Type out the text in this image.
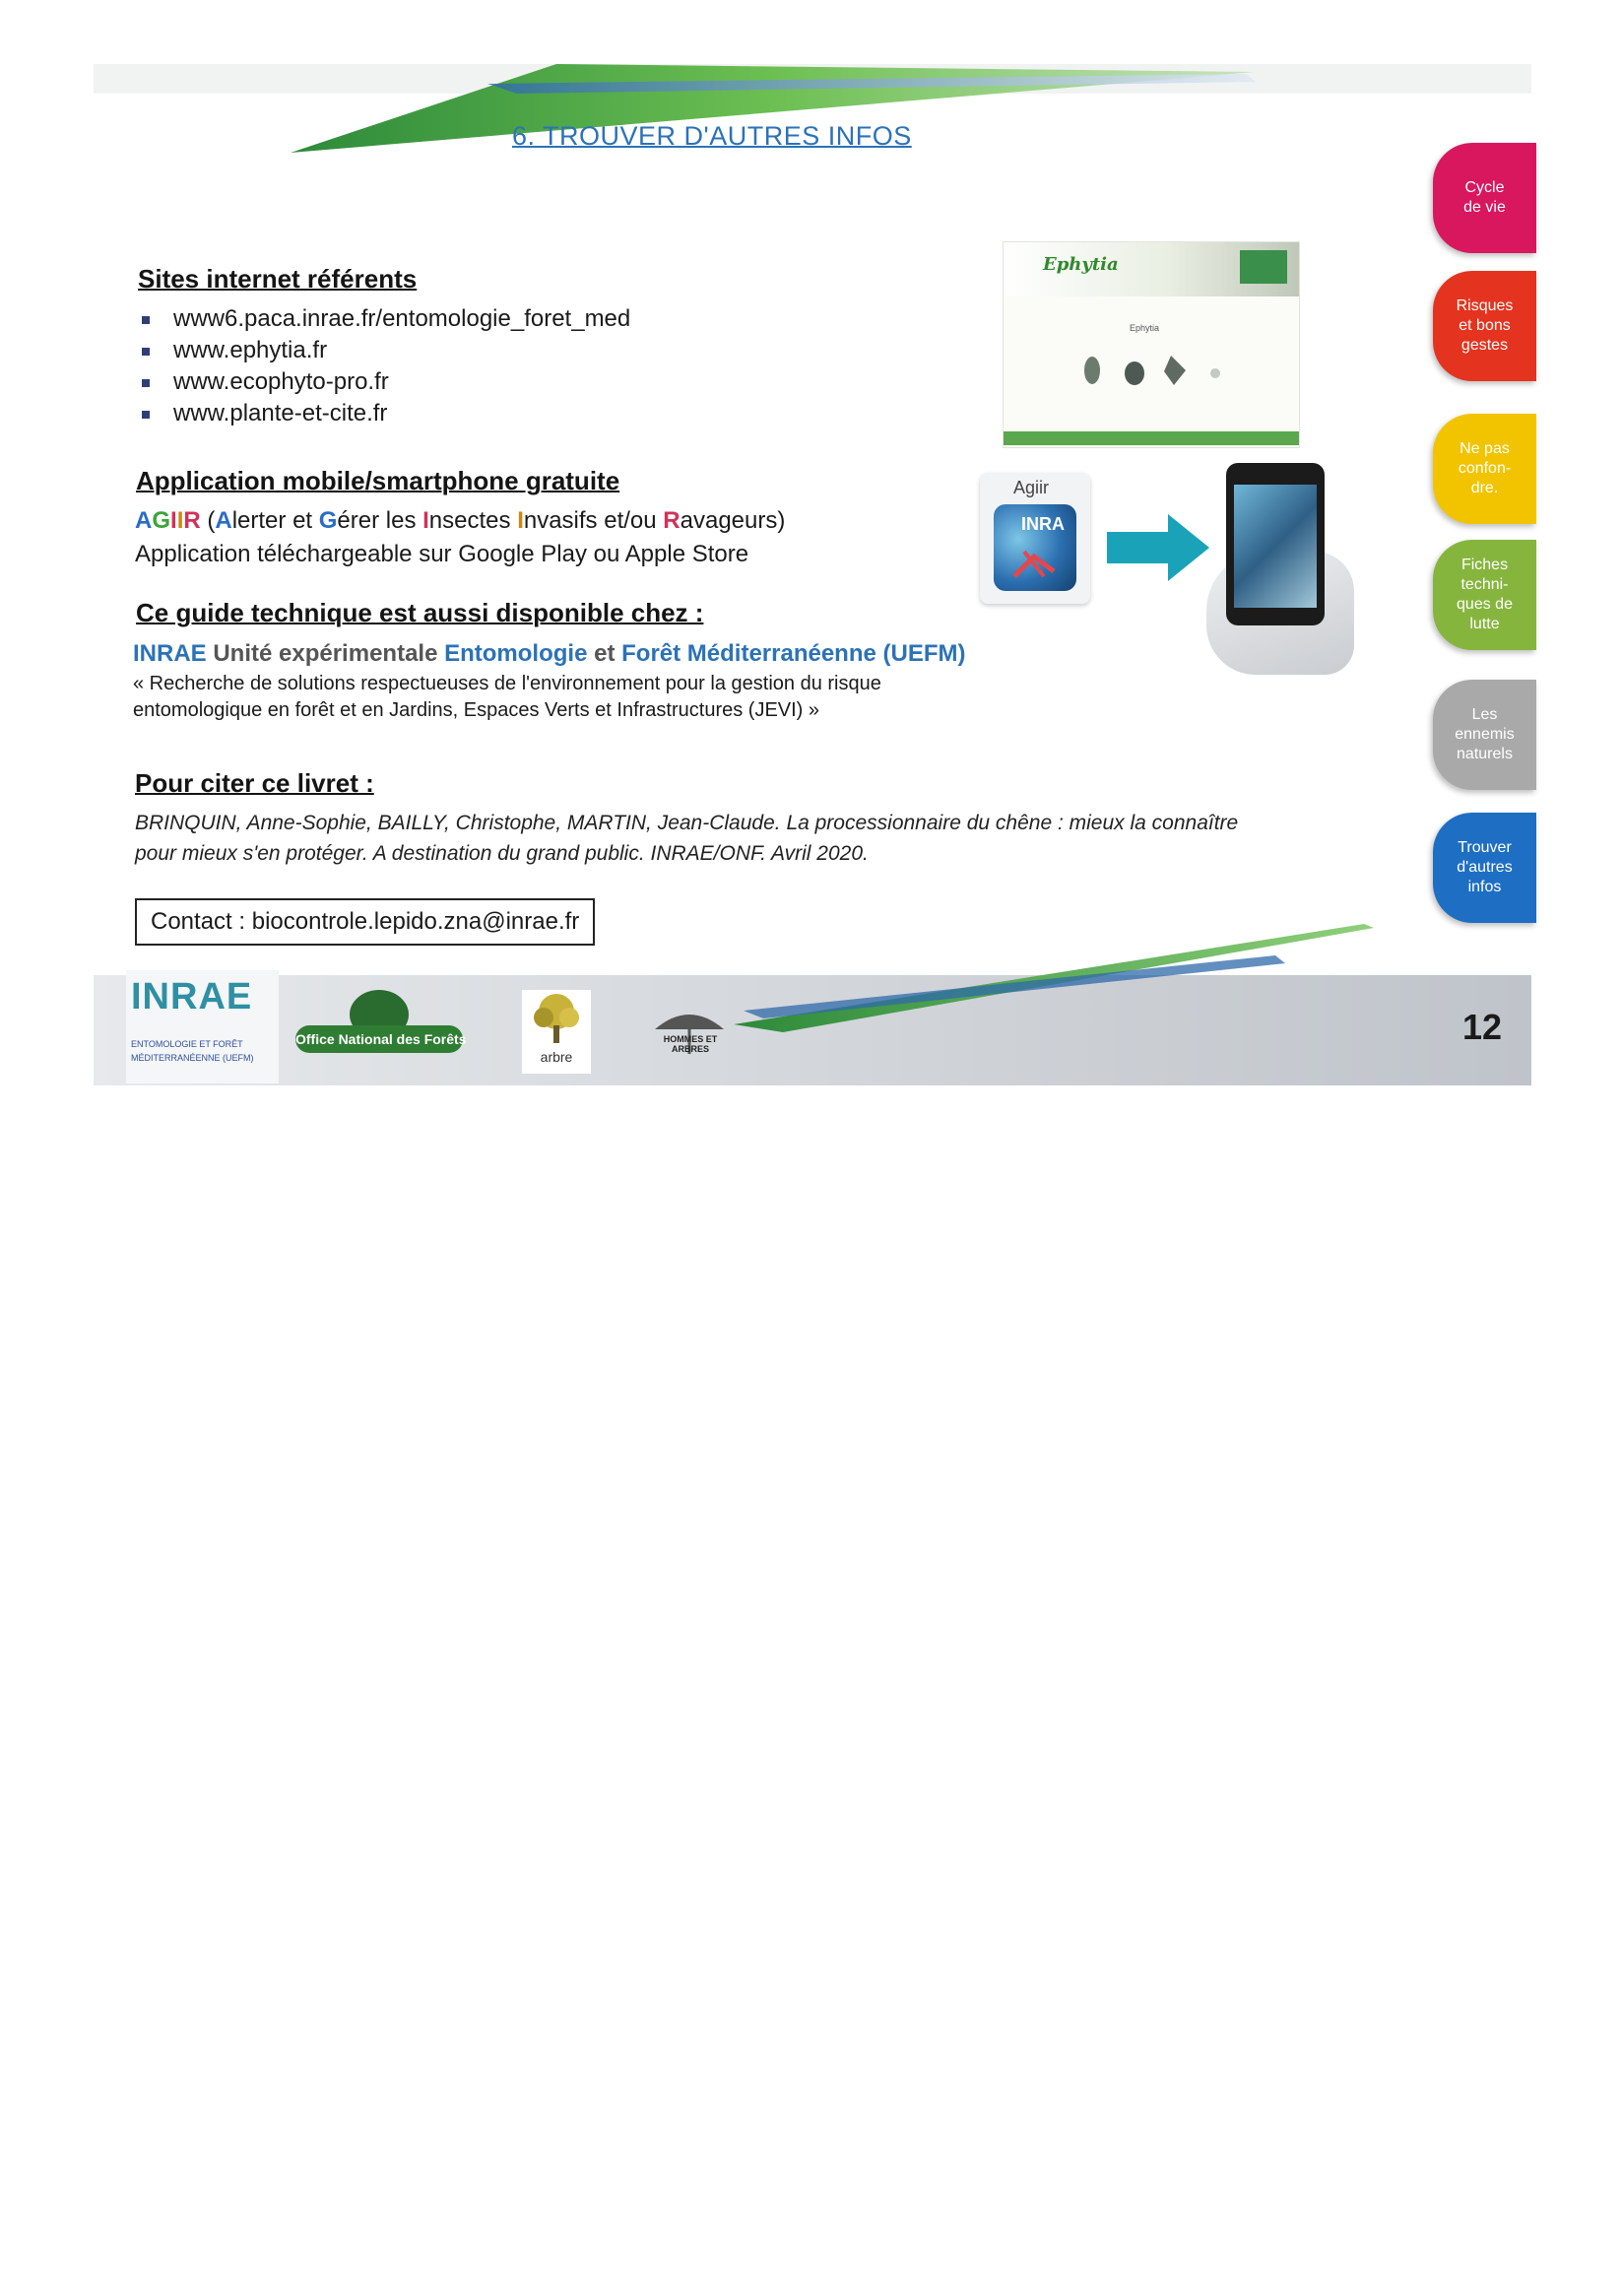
6. TROUVER D'AUTRES INFOS
Sites internet référents
www6.paca.inrae.fr/entomologie_foret_med
www.ephytia.fr
www.ecophyto-pro.fr
www.plante-et-cite.fr
Ephytia
Ephytia
Application mobile/smartphone gratuite
AGIIR (Alerter et Gérer les Insectes Invasifs et/ou Ravageurs)
Application téléchargeable sur Google Play ou Apple Store
Agiir
INRA
Ce guide technique est aussi disponible chez :
INRAE Unité expérimentale Entomologie et Forêt Méditerranéenne (UEFM)
« Recherche de solutions respectueuses de l'environnement pour la gestion du risque
entomologique en forêt et en Jardins, Espaces Verts et Infrastructures (JEVI) »
Pour citer ce livret :
BRINQUIN, Anne-Sophie, BAILLY, Christophe, MARTIN, Jean-Claude. La processionnaire du chêne : mieux la connaître
pour mieux s'en protéger. A destination du grand public. INRAE/ONF. Avril 2020.
Contact : biocontrole.lepido.zna@inrae.fr
Cycle de vie
Risques et bons gestes
Ne pas confon- dre.
Fiches techni- ques de lutte
Les ennemis naturels
Trouver d'autres infos
INRAE
ENTOMOLOGIE ET FORÊT
MÉDITERRANÉENNE (UEFM)
Office National des Forêts
arbre
HOMMES ET ARBRES
12
